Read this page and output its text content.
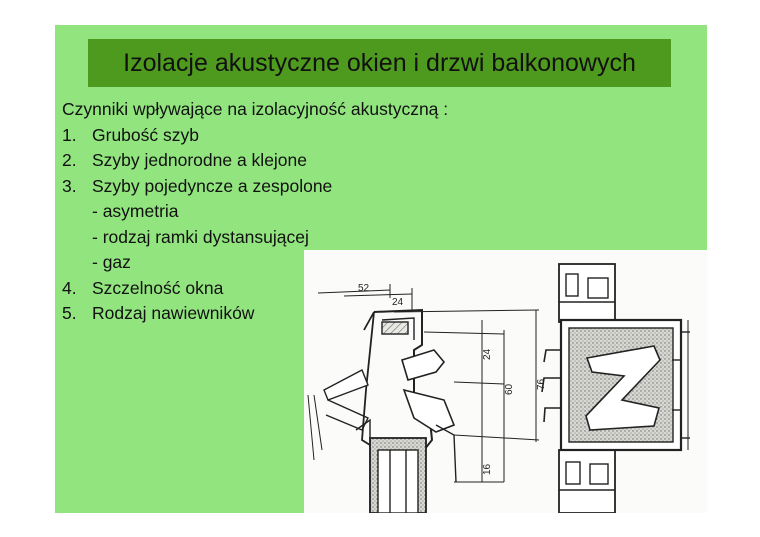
Izolacje akustyczne okien i drzwi balkonowych
Czynniki wpływające na izolacyjność akustyczną :
1. Grubość szyb
2. Szyby jednorodne a klejone
3. Szyby pojedyncze a zespolone
- asymetria
- rodzaj ramki dystansującej
- gaz
4. Szczelność okna
5. Rodzaj nawiewników
52
24
24
60 76
16
